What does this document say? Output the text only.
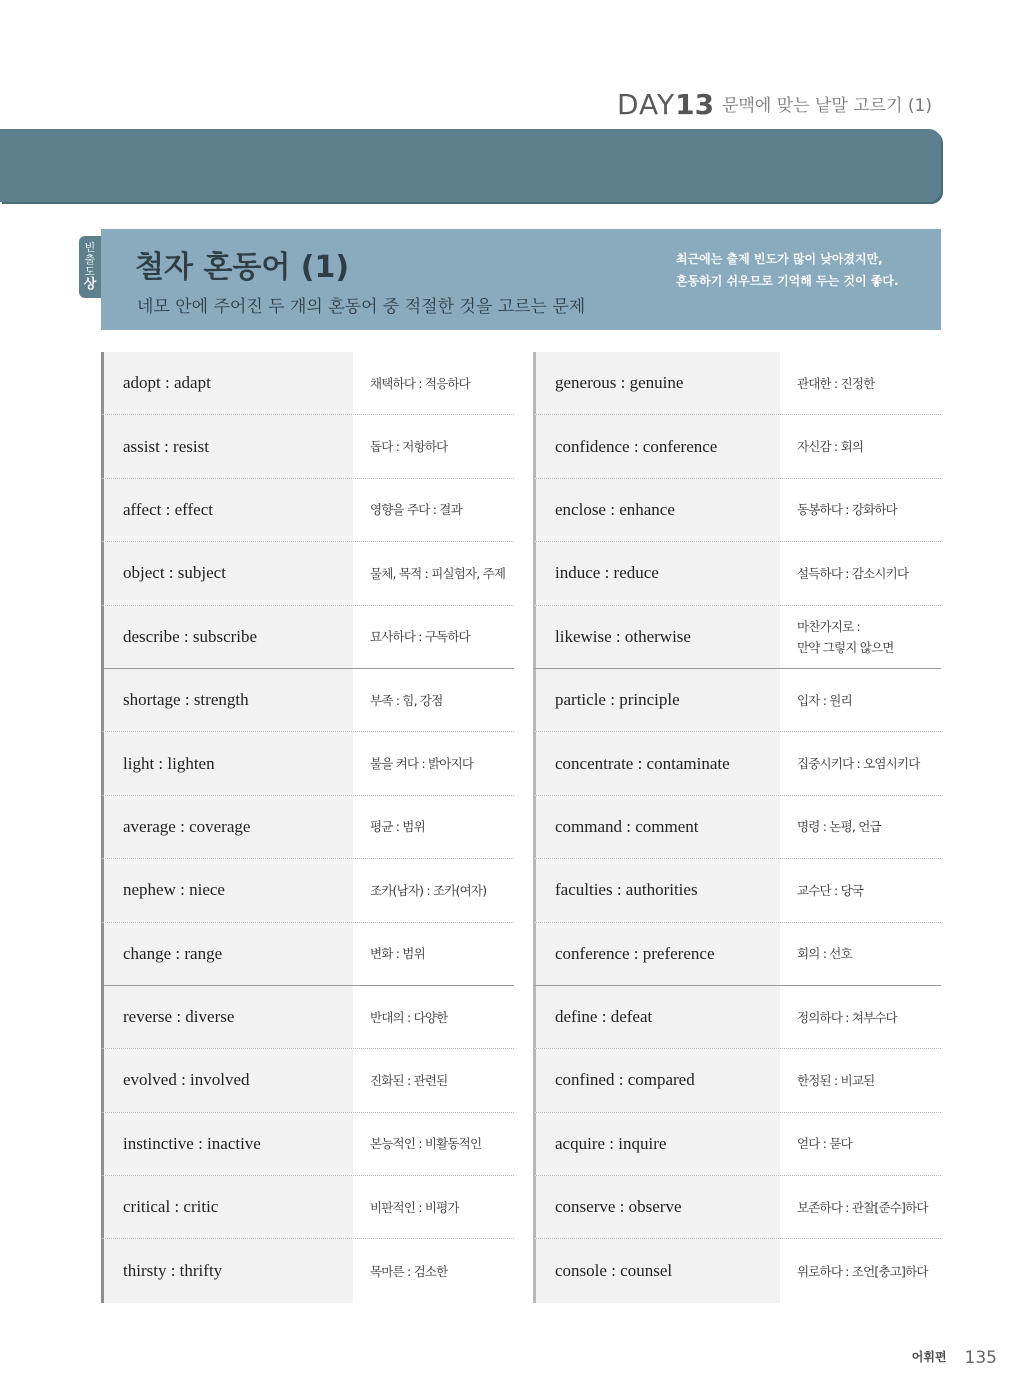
DAY13 문맥에 맞는 낱말 고르기 (1)
빈
출
도
상 철자 혼동어 (1)
네모 안에 주어진 두 개의 혼동어 중 적절한 것을 고르는 문제
최근에는 출제 빈도가 많이 낮아졌지만,
혼동하기 쉬우므로 기억해 두는 것이 좋다.
adopt : adapt	채택하다 : 적응하다
assist : resist	돕다 : 저항하다
affect : effect	영향을 주다 : 결과
object : subject	물체, 목적 : 피실험자, 주제
describe : subscribe	묘사하다 : 구독하다
shortage : strength	부족 : 힘, 강점
light : lighten	불을 켜다 : 밝아지다
average : coverage	평균 : 범위
nephew : niece	조카(남자) : 조카(여자)
change : range	변화 : 범위
reverse : diverse	반대의 : 다양한
evolved : involved	진화된 : 관련된
instinctive : inactive	본능적인 : 비활동적인
critical : critic	비판적인 : 비평가
thirsty : thrifty	목마른 : 검소한
generous : genuine	관대한 : 진정한
confidence : conference	자신감 : 회의
enclose : enhance	동봉하다 : 강화하다
induce : reduce	설득하다 : 감소시키다
likewise : otherwise
마찬가지로 :
만약 그렇지 않으면
particle : principle	입자 : 원리
concentrate : contaminate	집중시키다 : 오염시키다
command : comment	명령 : 논평, 언급
faculties : authorities	교수단 : 당국
conference : preference	회의 : 선호
define : defeat	정의하다 : 쳐부수다
confined : compared	한정된 : 비교된
acquire : inquire	얻다 : 묻다
conserve : observe	보존하다 : 관찰[준수]하다
console : counsel	위로하다 : 조언[충고]하다
어휘편 135
